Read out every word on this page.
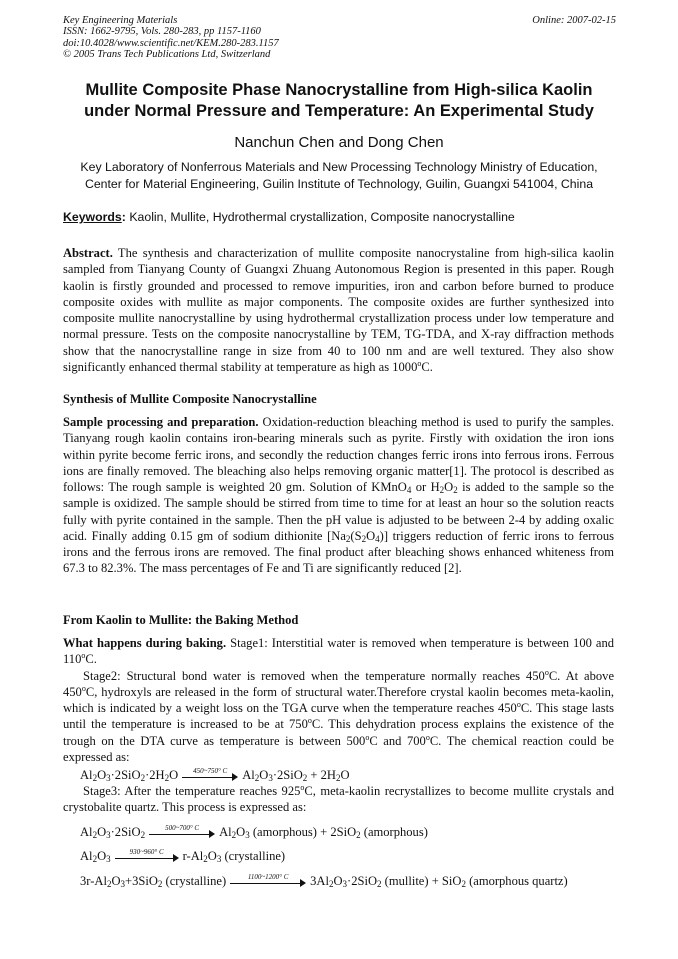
Key Engineering Materials
ISSN: 1662-9795, Vols. 280-283, pp 1157-1160
doi:10.4028/www.scientific.net/KEM.280-283.1157
© 2005 Trans Tech Publications Ltd, Switzerland
Online: 2007-02-15
Mullite Composite Phase Nanocrystalline from High-silica Kaolin
under Normal Pressure and Temperature: An Experimental Study
Nanchun Chen and Dong Chen
Key Laboratory of Nonferrous Materials and New Processing Technology Ministry of Education,
Center for Material Engineering, Guilin Institute of Technology, Guilin, Guangxi 541004, China
Keywords: Kaolin, Mullite, Hydrothermal crystallization, Composite nanocrystalline

Abstract. The synthesis and characterization of mullite composite nanocrystaline from high-silica kaolin sampled from Tianyang County of Guangxi Zhuang Autonomous Region is presented in this paper. Rough kaolin is firstly grounded and processed to remove impurities, iron and carbon before burned to produce composite oxides with mullite as major components. The composite oxides are further synthesized into composite mullite nanocrystalline by using hydrothermal crystallization process under low temperature and normal pressure. Tests on the composite nanocrystalline by TEM, TG-TDA, and X-ray diffraction methods show that the nanocrystalline range in size from 40 to 100 nm and are well textured. They also show significantly enhanced thermal stability at temperature as high as 1000$^o$C.

Synthesis of Mullite Composite Nanocrystalline

Sample processing and preparation. Oxidation-reduction bleaching method is used to purify the samples. Tianyang rough kaolin contains iron-bearing minerals such as pyrite. Firstly with oxidation the iron ions within pyrite become ferric irons, and secondly the reduction changes ferric irons into ferrous irons. Ferrous ions are finally removed. The bleaching also helps removing organic matter[1]. The protocol is described as follows: The rough sample is weighted 20 gm. Solution of KMnO$_4$ or $H_2O_2$ is added to the sample so the sample is oxidized. The sample should be stirred from time to time for at least an hour so the solution reacts fully with pyrite contained in the sample. Then the pH value is adjusted to be between 2-4 by adding oxalic acid. Finally adding 0.15 gm of sodium dithionite $[Na_2(S_2O_4)]$ triggers reduction of ferric irons to ferrous irons and the ferrous irons are removed. The final product after bleaching shows enhanced whiteness from 67.3 to 82.3%. The mass percentages of Fe and Ti are significantly reduced [2].

From Kaolin to Mullite: the Baking Method

What happens during baking. Stage1: Interstitial water is removed when temperature is between 100 and 110$^o$C.

Stage2: Structural bond water is removed when the temperature normally reaches 450$^o$C. At above 450$^o$C, hydroxyls are released in the form of structural water.Therefore crystal kaolin becomes meta-kaolin, which is indicated by a weight loss on the TGA curve when the temperature reaches 450$^o$C. This stage lasts until the temperature is increased to be at 750$^o$C. This dehydration process explains the existence of the trough on the DTA curve as temperature is between 500$^o$C and 700$^o$C. The chemical reaction could be expressed as:

$Al_2O_3\cdot 2SiO_2\cdot 2H_2O$	450~750° C	$Al_2O_3\cdot 2SiO_2 + 2H_2O$

Stage3: After the temperature reaches 925$^o$C, meta-kaolin recrystallizes to become mullite crystals and crystobalite quartz. This process is expressed as:

$Al_2O_3\cdot 2SiO_2$
500~700° C	$Al_2O_3$ (amorphous) + 2SiO$_2$ (amorphous)
$Al_2O_3$
930~960° C	$r-Al_2O_3$ (crystalline)
$3r-Al_2O_3+3SiO_2$ (crystalline)	1100~1200° C	$3Al_2O_3\cdot 2SiO_2$ (mullite) + SiO$_2$ (amorphous quartz)
